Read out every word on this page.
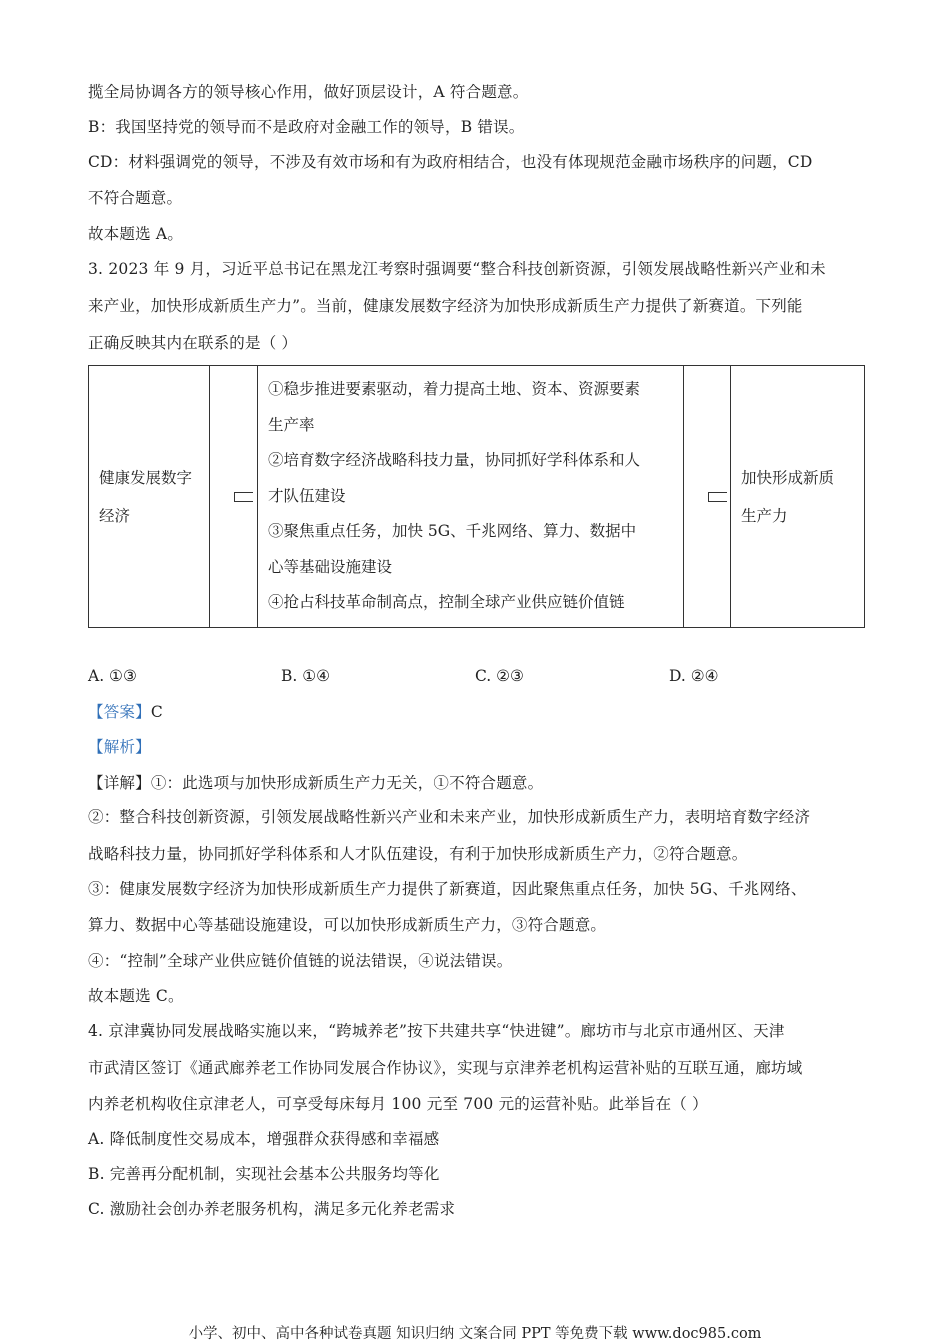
揽全局协调各方的领导核心作用，做好顶层设计，A 符合题意。
B：我国坚持党的领导而不是政府对金融工作的领导，B 错误。
CD：材料强调党的领导，不涉及有效市场和有为政府相结合，也没有体现规范金融市场秩序的问题，CD
不符合题意。
故本题选 A。
3. 2023 年 9 月，习近平总书记在黑龙江考察时强调要“整合科技创新资源，引领发展战略性新兴产业和未
来产业，加快形成新质生产力”。当前，健康发展数字经济为加快形成新质生产力提供了新赛道。下列能
正确反映其内在联系的是（ ）
健康发展数字
经济

①稳步推进要素驱动，着力提高土地、资本、资源要素
生产率
②培育数字经济战略科技力量，协同抓好学科体系和人
才队伍建设
③聚焦重点任务，加快 5G、千兆网络、算力、数据中
心等基础设施建设
④抢占科技革命制高点，控制全球产业供应链价值链

加快形成新质
生产力
A. ①③	B. ①④	C. ②③	D. ②④
【答案】C
【解析】
【详解】①：此选项与加快形成新质生产力无关，①不符合题意。
②：整合科技创新资源，引领发展战略性新兴产业和未来产业，加快形成新质生产力，表明培育数字经济
战略科技力量，协同抓好学科体系和人才队伍建设，有利于加快形成新质生产力，②符合题意。
③：健康发展数字经济为加快形成新质生产力提供了新赛道，因此聚焦重点任务，加快 5G、千兆网络、
算力、数据中心等基础设施建设，可以加快形成新质生产力，③符合题意。
④：“控制”全球产业供应链价值链的说法错误，④说法错误。
故本题选 C。
4. 京津冀协同发展战略实施以来，“跨城养老”按下共建共享“快进键”。廊坊市与北京市通州区、天津
市武清区签订《通武廊养老工作协同发展合作协议》，实现与京津养老机构运营补贴的互联互通，廊坊域
内养老机构收住京津老人，可享受每床每月 100 元至 700 元的运营补贴。此举旨在（ ）
A. 降低制度性交易成本，增强群众获得感和幸福感
B. 完善再分配机制，实现社会基本公共服务均等化
C. 激励社会创办养老服务机构，满足多元化养老需求
小学、初中、高中各种试卷真题 知识归纳 文案合同 PPT 等免费下载 www.doc985.com
